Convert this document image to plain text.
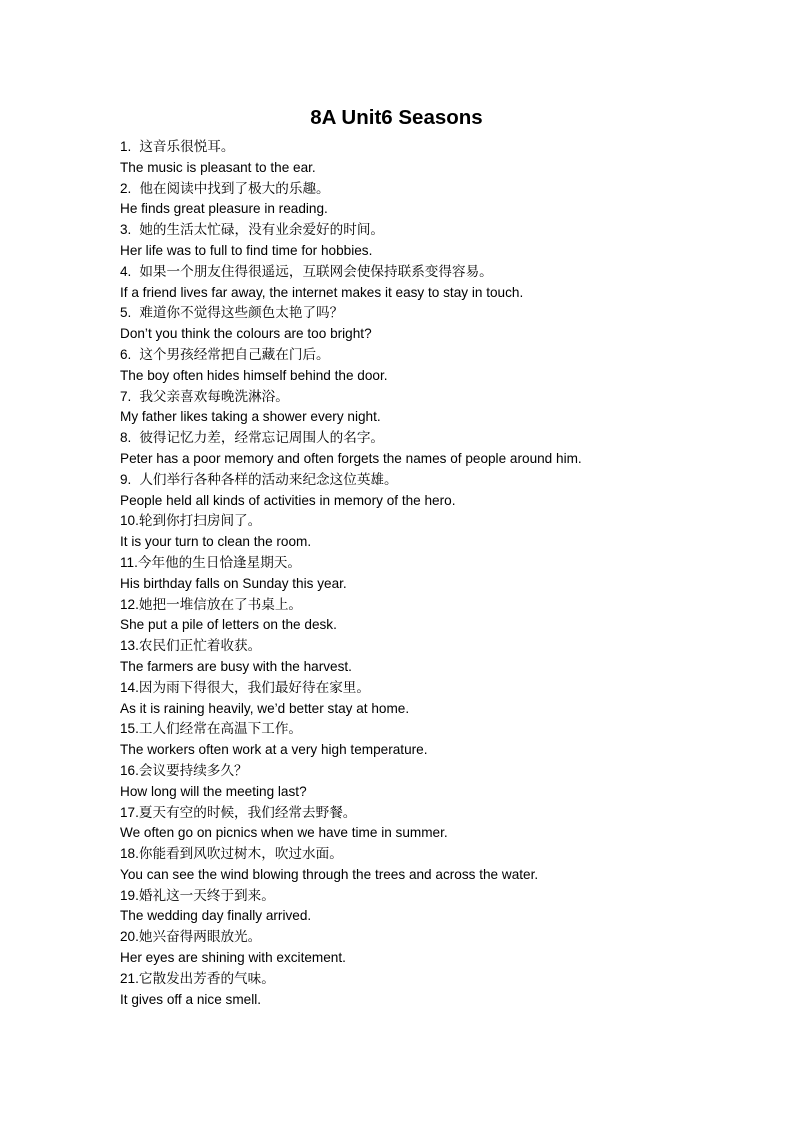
8A Unit6 Seasons
1. 这音乐很悦耳。
The music is pleasant to the ear.
2. 他在阅读中找到了极大的乐趣。
He finds great pleasure in reading.
3. 她的生活太忙碌，没有业余爱好的时间。
Her life was to full to find time for hobbies.
4. 如果一个朋友住得很遥远，互联网会使保持联系变得容易。
If a friend lives far away, the internet makes it easy to stay in touch.
5. 难道你不觉得这些颜色太艳了吗？
Don’t you think the colours are too bright?
6. 这个男孩经常把自己藏在门后。
The boy often hides himself behind the door.
7. 我父亲喜欢每晚洗淋浴。
My father likes taking a shower every night.
8. 彼得记忆力差，经常忘记周围人的名字。
Peter has a poor memory and often forgets the names of people around him.
9. 人们举行各种各样的活动来纪念这位英雄。
People held all kinds of activities in memory of the hero.
10.轮到你打扫房间了。
It is your turn to clean the room.
11.今年他的生日恰逢星期天。
His birthday falls on Sunday this year.
12.她把一堆信放在了书桌上。
She put a pile of letters on the desk.
13.农民们正忙着收获。
The farmers are busy with the harvest.
14.因为雨下得很大，我们最好待在家里。
As it is raining heavily, we’d better stay at home.
15.工人们经常在高温下工作。
The workers often work at a very high temperature.
16.会议要持续多久？
How long will the meeting last?
17.夏天有空的时候，我们经常去野餐。
We often go on picnics when we have time in summer.
18.你能看到风吹过树木，吹过水面。
You can see the wind blowing through the trees and across the water.
19.婚礼这一天终于到来。
The wedding day finally arrived.
20.她兴奋得两眼放光。
Her eyes are shining with excitement.
21.它散发出芳香的气味。
It gives off a nice smell.
